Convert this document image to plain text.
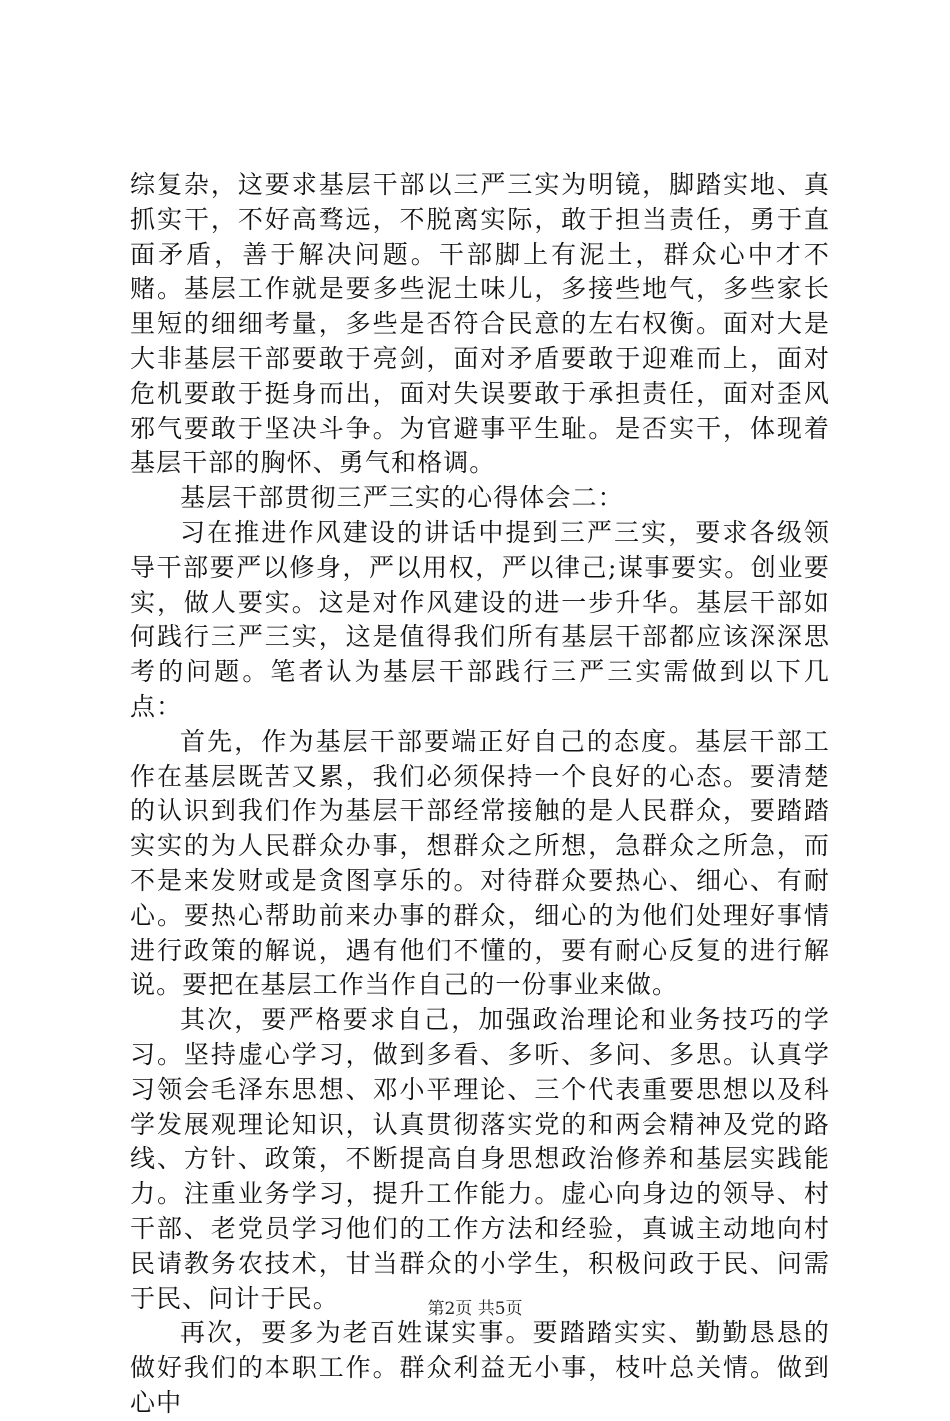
综复杂，这要求基层干部以三严三实为明镜，脚踏实地、真抓实干，不好高骛远，不脱离实际，敢于担当责任，勇于直面矛盾，善于解决问题。干部脚上有泥土，群众心中才不赌。基层工作就是要多些泥土味儿，多接些地气，多些家长里短的细细考量，多些是否符合民意的左右权衡。面对大是大非基层干部要敢于亮剑，面对矛盾要敢于迎难而上，面对危机要敢于挺身而出，面对失误要敢于承担责任，面对歪风邪气要敢于坚决斗争。为官避事平生耻。是否实干，体现着基层干部的胸怀、勇气和格调。

基层干部贯彻三严三实的心得体会二：

习在推进作风建设的讲话中提到三严三实，要求各级领导干部要严以修身，严以用权，严以律己;谋事要实。创业要实，做人要实。这是对作风建设的进一步升华。基层干部如何践行三严三实，这是值得我们所有基层干部都应该深深思考的问题。笔者认为基层干部践行三严三实需做到以下几点：

首先，作为基层干部要端正好自己的态度。基层干部工作在基层既苦又累，我们必须保持一个良好的心态。要清楚的认识到我们作为基层干部经常接触的是人民群众，要踏踏实实的为人民群众办事，想群众之所想，急群众之所急，而不是来发财或是贪图享乐的。对待群众要热心、细心、有耐心。要热心帮助前来办事的群众，细心的为他们处理好事情进行政策的解说，遇有他们不懂的，要有耐心反复的进行解说。要把在基层工作当作自己的一份事业来做。

其次，要严格要求自己，加强政治理论和业务技巧的学习。坚持虚心学习，做到多看、多听、多问、多思。认真学习领会毛泽东思想、邓小平理论、三个代表重要思想以及科学发展观理论知识，认真贯彻落实党的和两会精神及党的路线、方针、政策，不断提高自身思想政治修养和基层实践能力。注重业务学习，提升工作能力。虚心向身边的领导、村干部、老党员学习他们的工作方法和经验，真诚主动地向村民请教务农技术，甘当群众的小学生，积极问政于民、问需于民、问计于民。

再次，要多为老百姓谋实事。要踏踏实实、勤勤恳恳的做好我们的本职工作。群众利益无小事，枝叶总关情。做到心中

第2页 共5页
